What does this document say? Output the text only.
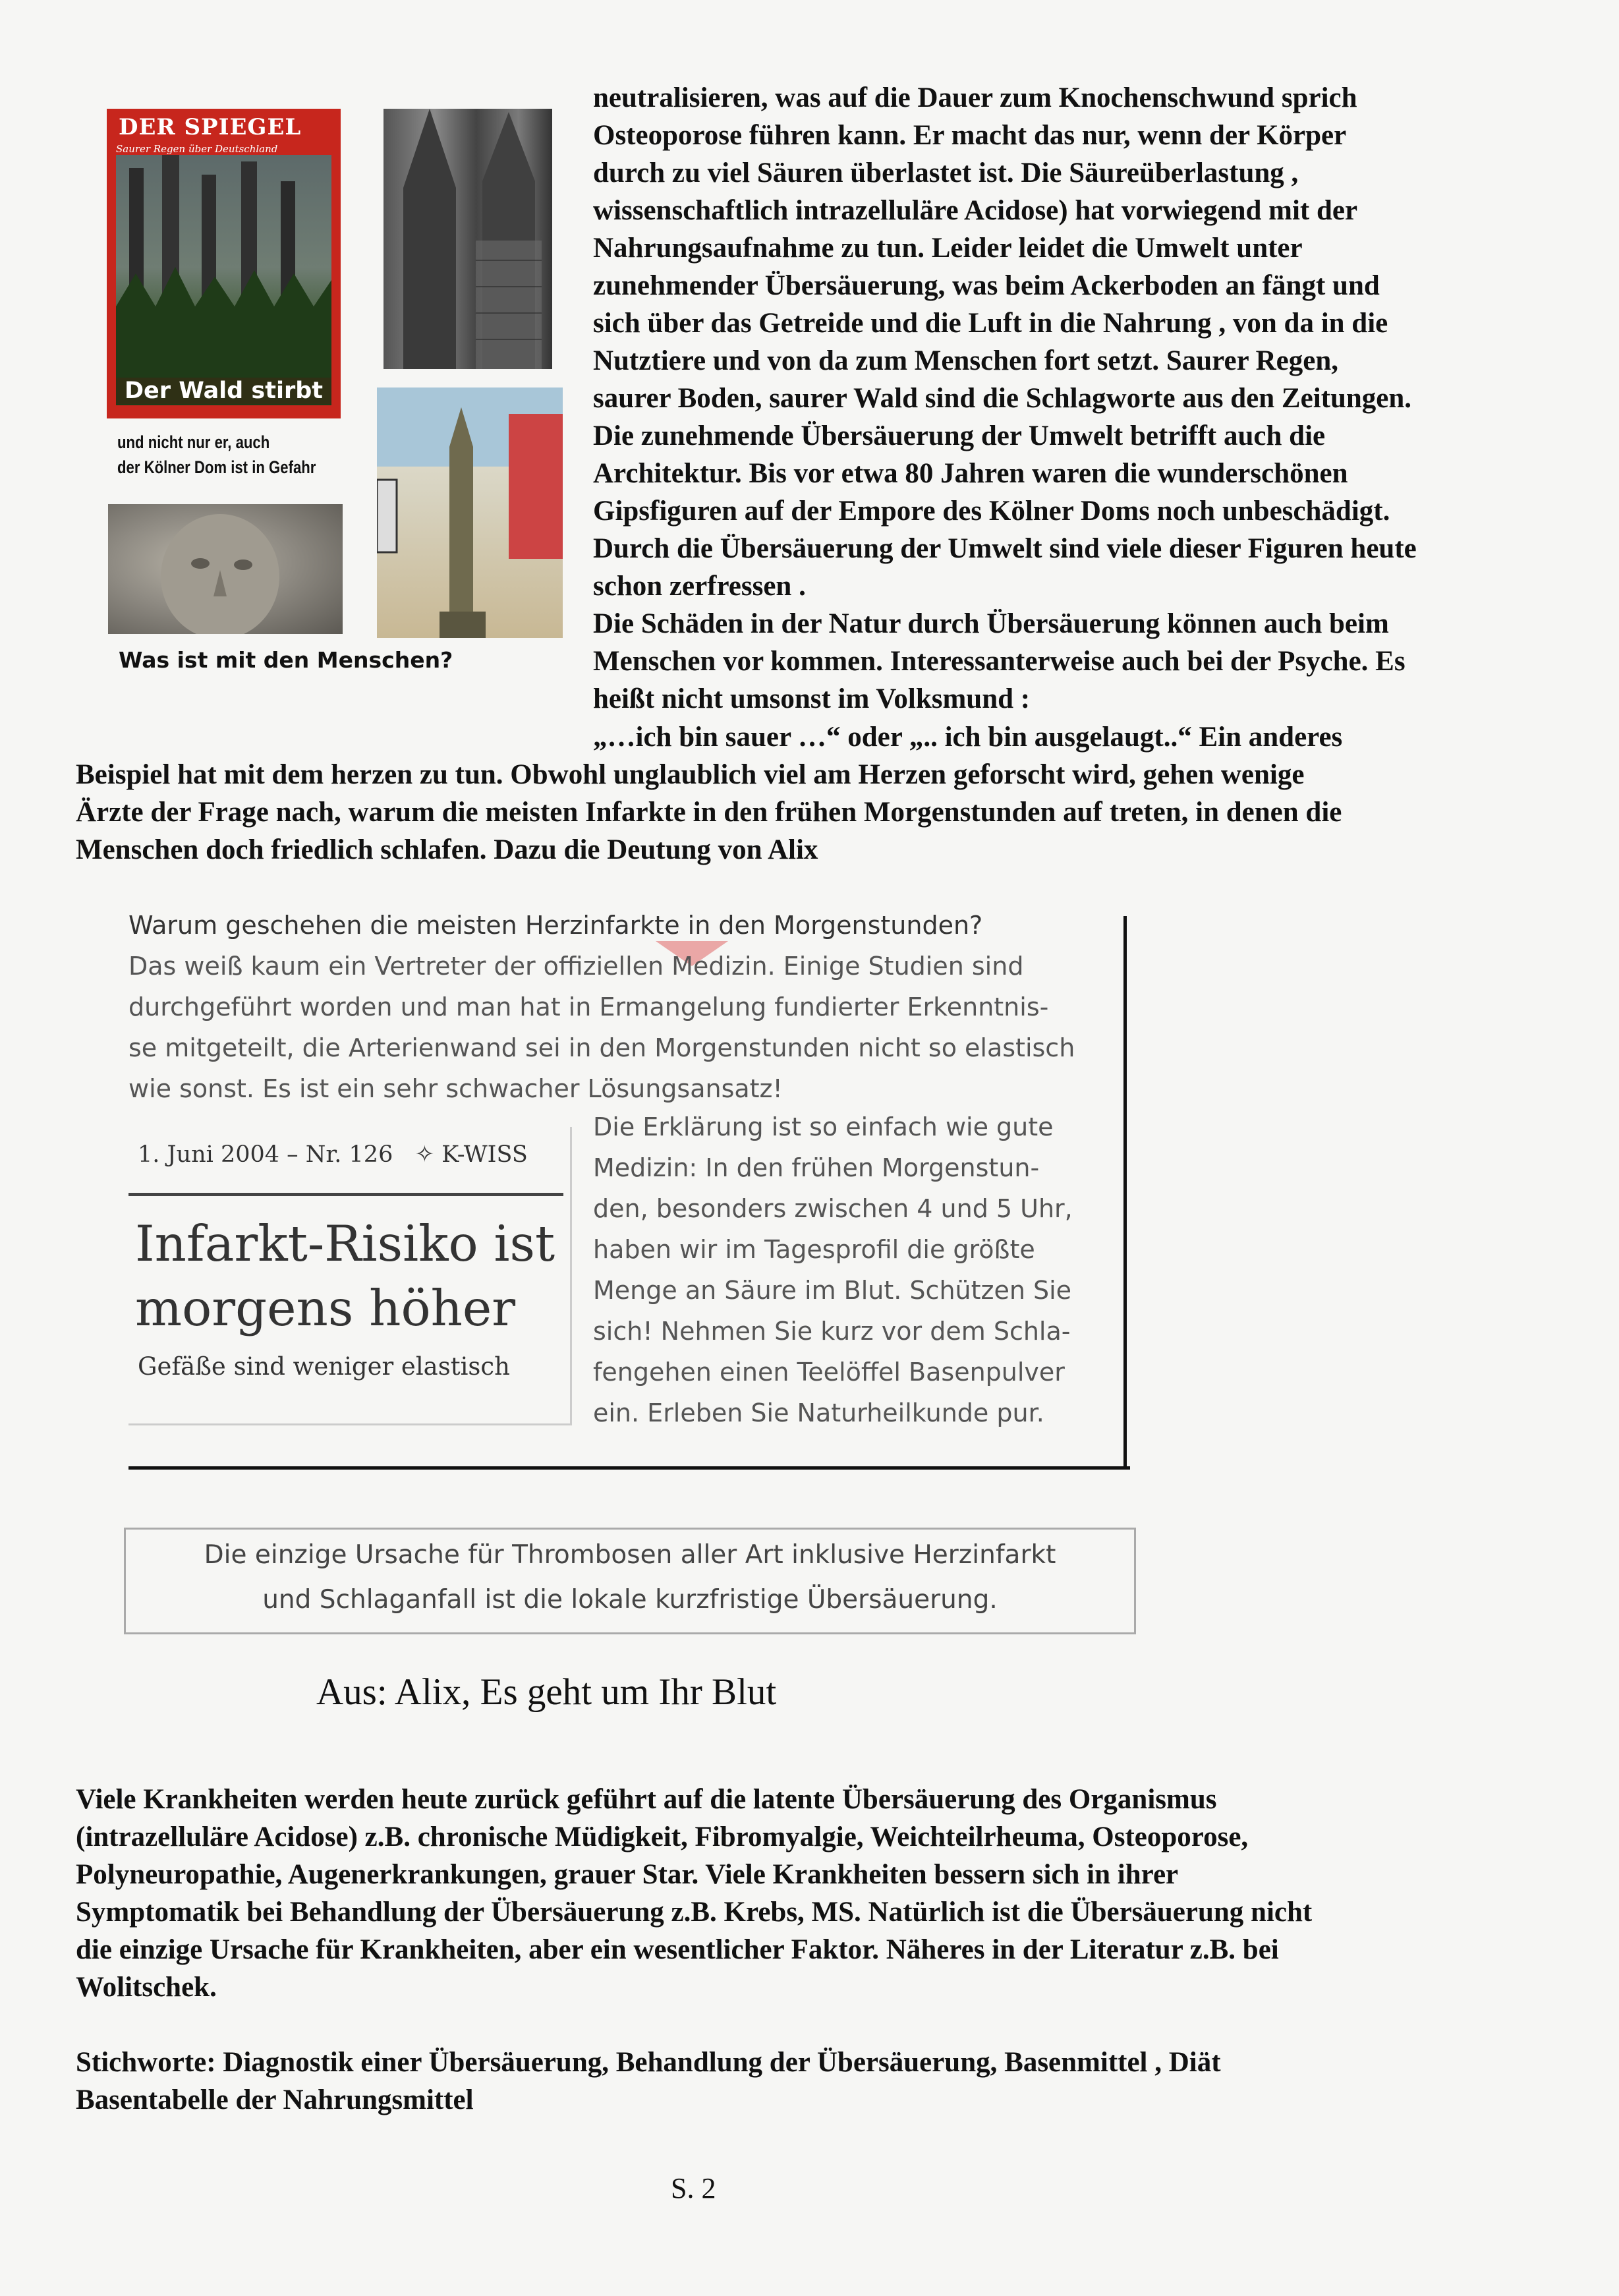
DER SPIEGEL
Saurer Regen über Deutschland
Der Wald stirbt
und nicht nur er, auch
der Kölner Dom ist in Gefahr
Was ist mit den Menschen?
neutralisieren, was auf die Dauer zum Knochenschwund sprich
Osteoporose führen kann. Er macht das nur, wenn der Körper
durch zu viel Säuren überlastet ist. Die Säureüberlastung ,
wissenschaftlich intrazelluläre Acidose) hat vorwiegend mit der
Nahrungsaufnahme zu tun. Leider leidet die Umwelt unter
zunehmender Übersäuerung, was beim Ackerboden an fängt und
sich über das Getreide und die Luft in die Nahrung , von da in die
Nutztiere und von da zum Menschen fort setzt. Saurer Regen,
saurer Boden, saurer Wald sind die Schlagworte aus den Zeitungen.
Die zunehmende Übersäuerung der Umwelt betrifft auch die
Architektur. Bis vor etwa 80 Jahren waren die wunderschönen
Gipsfiguren auf der Empore des Kölner Doms noch unbeschädigt.
Durch die Übersäuerung der Umwelt sind viele dieser Figuren heute
schon zerfressen .
Die Schäden in der Natur durch Übersäuerung können auch beim
Menschen vor kommen. Interessanterweise auch bei der Psyche. Es
heißt nicht umsonst im Volksmund :
„…ich bin sauer …“ oder „.. ich bin ausgelaugt..“ Ein anderes
Beispiel hat mit dem herzen zu tun. Obwohl unglaublich viel am Herzen geforscht wird, gehen wenige
Ärzte der Frage nach, warum die meisten Infarkte in den frühen Morgenstunden auf treten, in denen die
Menschen doch friedlich schlafen. Dazu die Deutung von Alix
Warum geschehen die meisten Herzinfarkte in den Morgenstunden?
Das weiß kaum ein Vertreter der offiziellen Medizin. Einige Studien sind
durchgeführt worden und man hat in Ermangelung fundierter Erkenntnis-
se mitgeteilt, die Arterienwand sei in den Morgenstunden nicht so elastisch
wie sonst. Es ist ein sehr schwacher Lösungsansatz!
1. Juni 2004 – Nr. 126 ✧ K-WISS
Infarkt-Risiko ist
morgens höher
Gefäße sind weniger elastisch
Die Erklärung ist so einfach wie gute
Medizin: In den frühen Morgenstun-
den, besonders zwischen 4 und 5 Uhr,
haben wir im Tagesprofil die größte
Menge an Säure im Blut. Schützen Sie
sich! Nehmen Sie kurz vor dem Schla-
fengehen einen Teelöffel Basenpulver
ein. Erleben Sie Naturheilkunde pur.
Die einzige Ursache für Thrombosen aller Art inklusive Herzinfarkt
und Schlaganfall ist die lokale kurzfristige Übersäuerung.
Aus: Alix, Es geht um Ihr Blut
Viele Krankheiten werden heute zurück geführt auf die latente Übersäuerung des Organismus
(intrazelluläre Acidose) z.B. chronische Müdigkeit, Fibromyalgie, Weichteilrheuma, Osteoporose,
Polyneuropathie, Augenerkrankungen, grauer Star. Viele Krankheiten bessern sich in ihrer
Symptomatik bei Behandlung der Übersäuerung z.B. Krebs, MS. Natürlich ist die Übersäuerung nicht
die einzige Ursache für Krankheiten, aber ein wesentlicher Faktor. Näheres in der Literatur z.B. bei
Wolitschek.
Stichworte: Diagnostik einer Übersäuerung, Behandlung der Übersäuerung, Basenmittel , Diät
Basentabelle der Nahrungsmittel
S. 2
